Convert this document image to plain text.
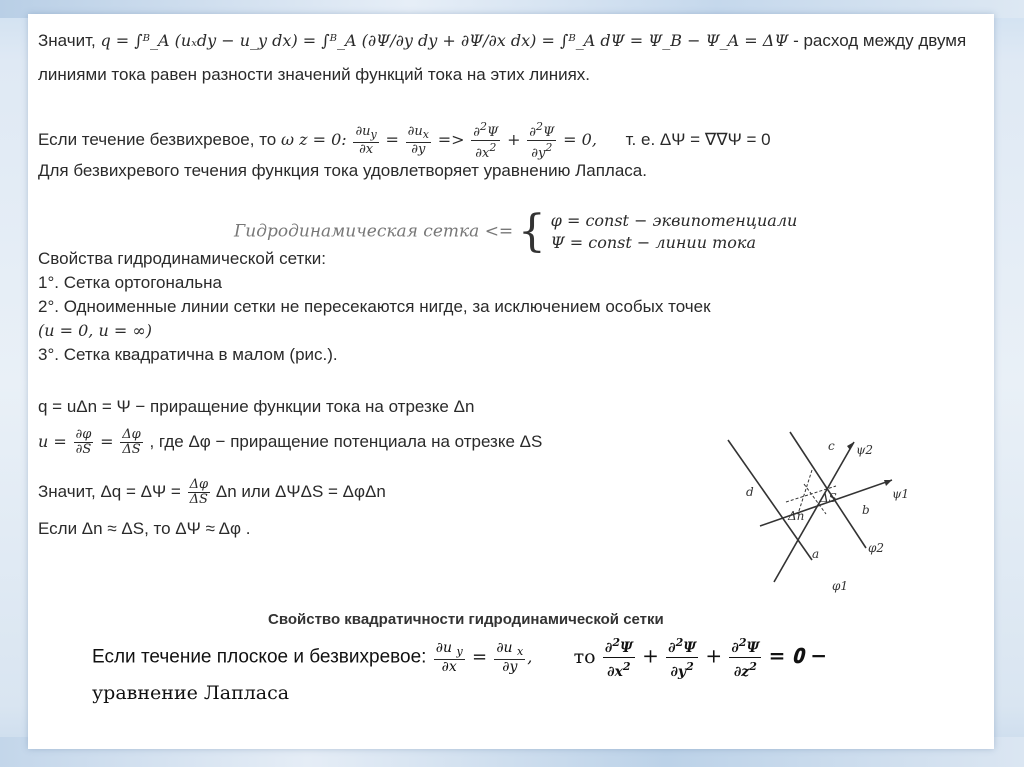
Значит, q = ∫ᴮ_A (uₓdy − u_y dx) = ∫ᴮ_A (∂Ψ/∂y dy + ∂Ψ/∂x dx) = ∫ᴮ_A dΨ = Ψ_B − Ψ_A = ΔΨ - расход между двумя
линиями тока равен разности значений функций тока на этих линиях.
Если течение безвихревое, то ω z = 0: $\frac{\partial u_y}{\partial x} = \frac{\partial u_x}{\partial y} => \frac{\partial^2\Psi}{\partial x^2} + \frac{\partial^2\Psi}{\partial y^2} = 0$, т. е. ΔΨ = ∇∇Ψ = 0
Для безвихревого течения функция тока удовлетворяет уравнению Лапласа.
Гидродинамическая сетка <= { φ = const − эквипотенциали
Ψ = const − линии тока
Свойства гидродинамической сетки:
1°. Сетка ортогональна
2°. Одноименные линии сетки не пересекаются нигде, за исключением особых точек
(u = 0, u = ∞)
3°. Сетка квадратична в малом (рис.).
q = uΔn = Ψ − приращение функции тока на отрезке Δn
$u = \frac{\partial\varphi}{\partial S} = \frac{\Delta\varphi}{\Delta S}$ , где Δφ − приращение потенциала на отрезке ΔS
Значит, $\Delta q = \Delta\Psi = \frac{\Delta\varphi}{\Delta S}$ Δn или ΔΨΔS = ΔφΔn
Если Δn ≈ ΔS, то ΔΨ ≈ Δφ .
c ψ2
d	ΔS	ψ1
Δn	b
φ2
a
φ1
Свойство квадратичности гидродинамической сетки
Если течение плоское и безвихревое: $\frac{\partial u _y}{\partial x} = \frac{\partial u _x}{\partial y}$ , то $\frac{\partial^2\Psi}{\partial x^2} + \frac{\partial^2\Psi}{\partial y^2} + \frac{\partial^2\Psi}{\partial z^2}$ = 𝟎 −
уравнение Лапласа
